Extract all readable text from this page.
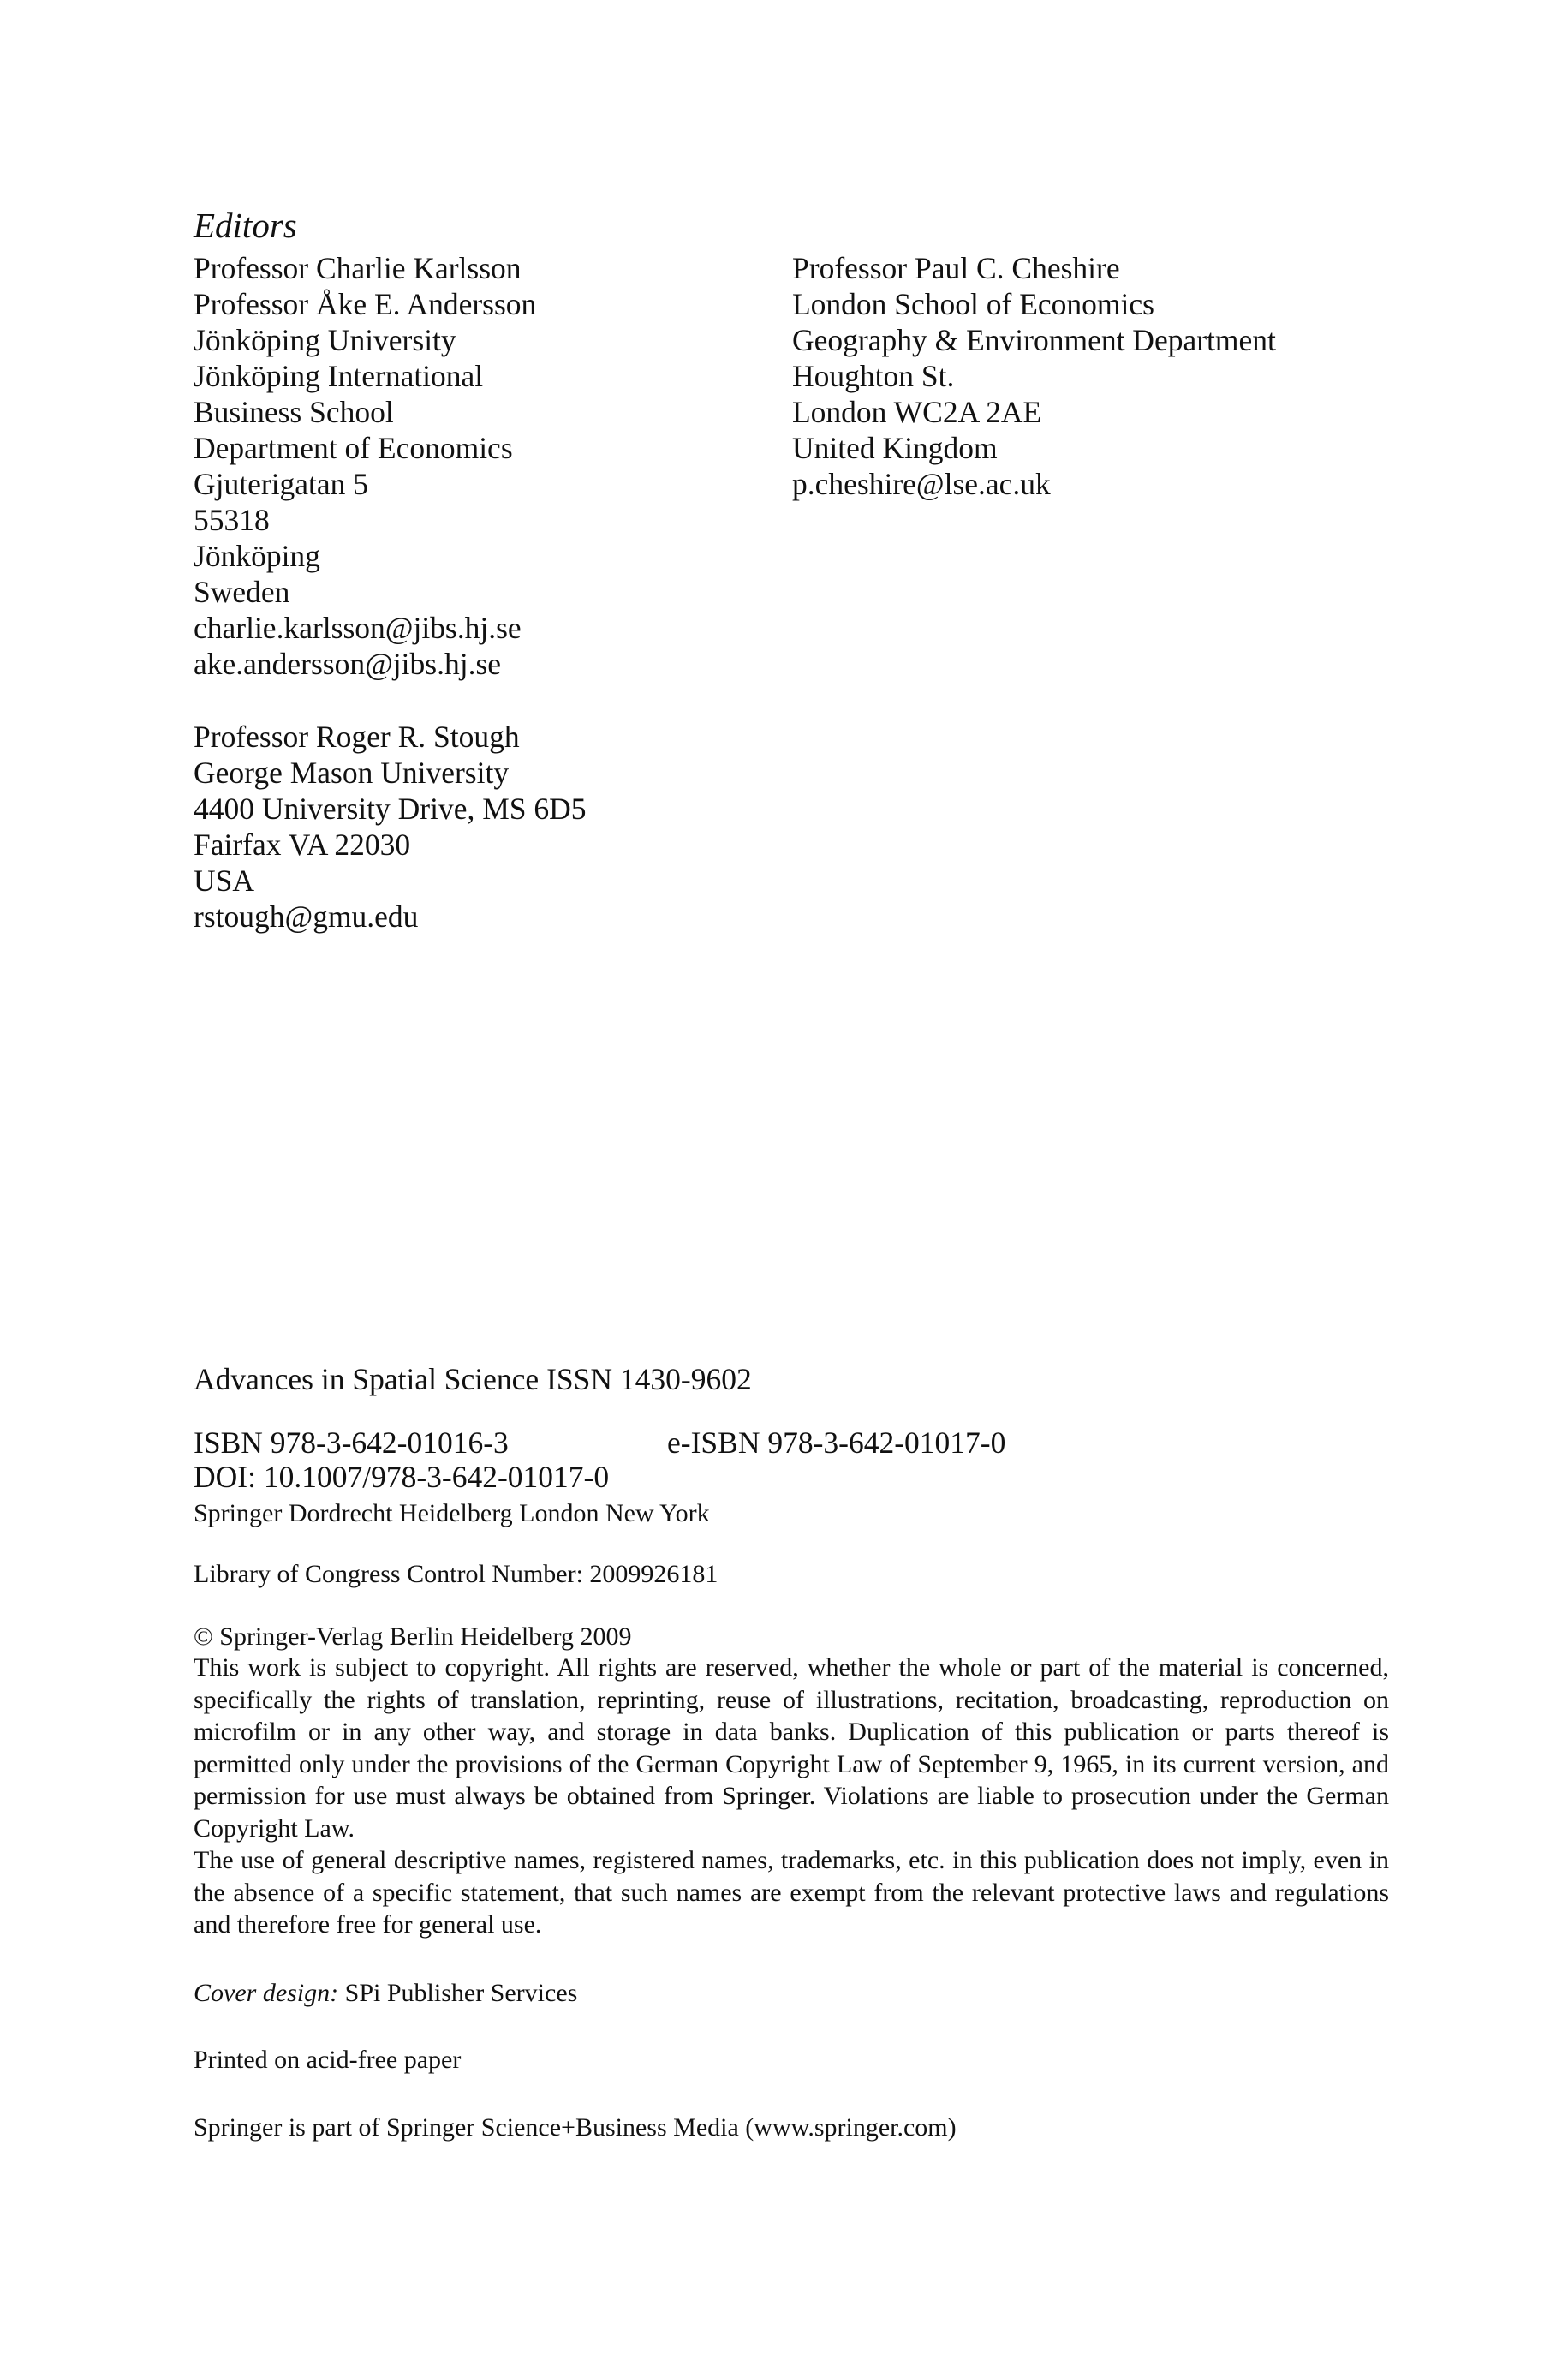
Editors
Professor Charlie Karlsson
Professor Åke E. Andersson
Jönköping University
Jönköping International
Business School
Department of Economics
Gjuterigatan 5
55318
Jönköping
Sweden
charlie.karlsson@jibs.hj.se
ake.andersson@jibs.hj.se
Professor Paul C. Cheshire
London School of Economics
Geography & Environment Department
Houghton St.
London WC2A 2AE
United Kingdom
p.cheshire@lse.ac.uk
Professor Roger R. Stough
George Mason University
4400 University Drive, MS 6D5
Fairfax VA 22030
USA
rstough@gmu.edu
Advances in Spatial Science ISSN 1430-9602
ISBN 978-3-642-01016-3	e-ISBN 978-3-642-01017-0
DOI: 10.1007/978-3-642-01017-0
Springer Dordrecht Heidelberg London New York
Library of Congress Control Number: 2009926181
© Springer-Verlag Berlin Heidelberg 2009

This work is subject to copyright. All rights are reserved, whether the whole or part of the material is concerned, specifically the rights of translation, reprinting, reuse of illustrations, recitation, broadcasting, reproduction on microfilm or in any other way, and storage in data banks. Duplication of this publication or parts thereof is permitted only under the provisions of the German Copyright Law of September 9, 1965, in its current version, and permission for use must always be obtained from Springer. Violations are liable to prosecution under the German Copyright Law.

The use of general descriptive names, registered names, trademarks, etc. in this publication does not imply, even in the absence of a specific statement, that such names are exempt from the relevant protective laws and regulations and therefore free for general use.

Cover design: SPi Publisher Services
Printed on acid-free paper
Springer is part of Springer Science+Business Media (www.springer.com)
